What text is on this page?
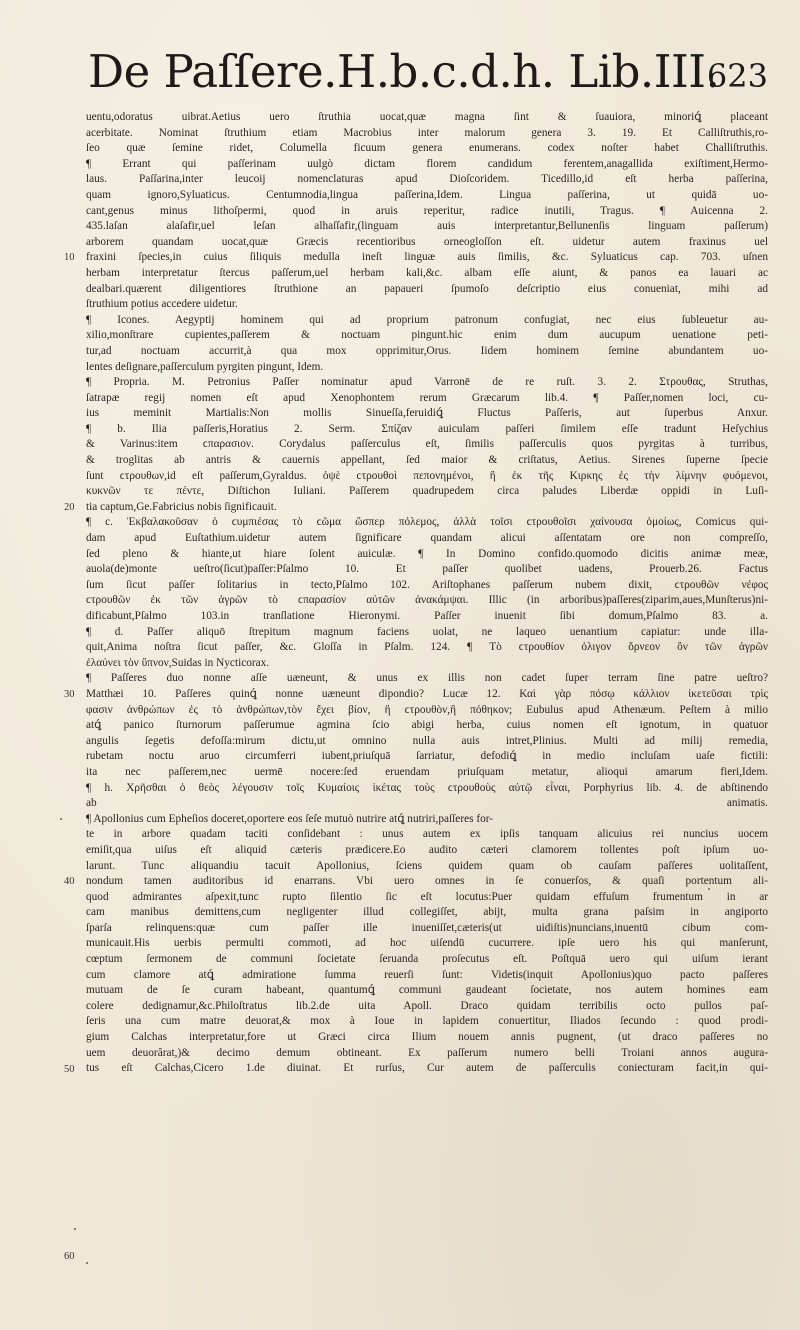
De Paſſere.H.b.c.d.h. Lib.III.
623
10
20
30
40
50
60
uentu,odoratus uibrat.Aetius uero ſtruthia uocat,quæ magna ſint & ſuauiora, minoriꝗ́ placeant
acerbitate. Nominat ſtruthium etiam Macrobius inter malorum genera 3. 19. Et Calliſtruthis,ro-
ſeo quæ ſemine ridet, Columella ficuum genera enumerans. codex noſter habet Challiſtruthis.
¶ Errant qui paſſerinam uulgò dictam florem candidum ferentem,anagallida exiſtiment,Hermo-
laus. Paſſarina,inter leucoij nomenclaturas apud Dioſcoridem. Ticedillo,id eſt herba paſſerina,
quam ignoro,Syluaticus. Centumnodia,lingua paſſerina,Idem. Lingua paſſerina, ut quidā uo-
cant,genus minus lithoſpermi, quod in aruis reperitur, radice inutili, Tragus. ¶ Auicenna 2.
435.laſan alaſafir,uel leſan alhaſſafir,(linguam auis interpretantur,Bellunenſis linguam paſſerum)
arborem quandam uocat,quæ Græcis recentioribus orneogloſſon eſt. uidetur autem fraxinus uel
fraxini ſpecies,in cuius ſiliquis medulla ineſt linguæ auis ſimilis, &c. Syluaticus cap. 703. uſnen
herbam interpretatur ſtercus paſſerum,uel herbam kali,&c. albam eſſe aiunt, & panos ea lauari ac
dealbari.quærent diligentiores ſtruthione an papaueri ſpumoſo deſcriptio eius conueniat, mihi ad
ſtruthium potius accedere uidetur.
¶ Icones. Aegyptij hominem qui ad proprium patronum confugiat, nec eius ſubleuetur au-
xilio,monſtrare cupientes,paſſerem & noctuam pingunt.hic enim dum aucupum uenatione peti-
tur,ad noctuam accurrit,à qua mox opprimitur,Orus. Iidem hominem ſemine abundantem uo-
lentes deſignare,paſſerculum pyrgiten pingunt, Idem.
¶ Propria. M. Petronius Paſſer nominatur apud Varronē de re ruſt. 3. 2. Στρουθας, Struthas,
ſatrapæ regij nomen eſt apud Xenophontem rerum Græcarum lib.4. ¶ Paſſer,nomen loci, cu-
ius meminit Martialis:Non mollis Sinueſſa,feruidiꝗ́ Fluctus Paſſeris, aut ſuperbus Anxur.
¶ b. Ilia paſſeris,Horatius 2. Serm. Σπίζαν auiculam paſſeri ſimilem eſſe tradunt Heſychius
& Varinus:item ϲπαρασιον. Corydalus paſſerculus eſt, ſimilis paſſerculis quos pyrgitas à turribus,
& troglitas ab antris & cauernis appellant, ſed maior & criſtatus, Aetius. Sirenes ſuperne ſpecie
ſunt ϲτρουθων,id eſt paſſerum,Gyraldus. ὀψὲ ϲτρουθοὶ πεπονημένοι, ἢ ἐκ τῆς Κιρκης ἐς τὴν λίμνην φυόμενοι,
κυκνῶν τε πέντε, Diſtichon Iuliani. Paſſerem quadrupedem circa paludes Liberdæ oppidi in Luſi-
tia captum,Ge.Fabricius nobis ſignificauit.
¶ c. Ἐκβαλακοῦσαν ὁ ϲυμπιέσας τὸ ϲῶμα ὥσπερ πόλεμος, ἀλλὰ τοῖσι ϲτρουθοῖσι χαίνουσα ὁμοίως, Comicus qui-
dam apud Euſtathium.uidetur autem ſignificare quandam alicui aſſentatam ore non compreſſo,
ſed pleno & hiante,ut hiare ſolent auiculæ. ¶ In Domino confido.quomodo dicitis animæ meæ,
auola(de)monte ueſtro(ſicut)paſſer:Pſalmo 10. Et paſſer quolibet uadens, Prouerb.26. Factus
ſum ſicut paſſer ſolitarius in tecto,Pſalmo 102. Ariſtophanes paſſerum nubem dixit, ϲτρουθῶν νέφος
ϲτρουθῶν ἐκ τῶν ἀγρῶν τὸ ϲπαρασίον αὐτῶν ἀνακάμψαι. Illic (in arboribus)paſſeres(ziparim,aues,Munſterus)ni-
dificabunt,Pſalmo 103.in tranſlatione Hieronymi. Paſſer inuenit ſibi domum,Pſalmo 83. a.
¶ d. Paſſer aliquō ſtrepitum magnum faciens uolat, ne laqueo uenantium capiatur: unde illa-
quit,Anima noſtra ſicut paſſer, &c. Gloſſa in Pſalm. 124. ¶ Τὸ ϲτρουθίον ὀλιγον ὅρνεον ὃν τῶν ἀγρῶν
ἐλαύνει τὸν ὕπνον,Suidas in Nycticorax.
¶ Paſſeres duo nonne aſſe uæneunt, & unus ex illis non cadet ſuper terram ſine patre ueſtro?
Matthæi 10. Paſſeres quinꝗ́ nonne uæneunt dipondio? Lucæ 12. Καὶ γὰρ πόσῳ κάλλιον ἱκετεῦσαι τρὶς
φασιν ἀνθρώπων ἐς τὸ ἀνθρώπων,τὸν ἔχει βίον, ἢ ϲτρουθὸν,ἢ πόθηκον; Eubulus apud Athenæum. Peſtem à milio
atꝗ́ panico ſturnorum paſſerumue agmina ſcio abigi herba, cuius nomen eſt ignotum, in quatuor
angulis ſegetis defoſſa:mirum dictu,ut omnino nulla auis intret,Plinius. Multi ad milij remedia,
rubetam noctu aruo circumferri iubent,priuſquā ſarriatur, defodiꝗ́ in medio incluſam uaſe fictili:
ita nec paſſerem,nec uermē nocere:ſed eruendam priuſquam metatur, alioqui amarum fieri,Idem.
¶ h. Χρῆσθαι ὁ θεὸς λέγουσιν τοῖς Κυμαίοις ἱκέτας τοὺς ϲτρουθοὺς αὐτῷ εἶναι, Porphyrius lib. 4. de abſtinendo
ab animatis.
¶ Apollonius cum Epheſios doceret,oportere eos ſeſe mutuò nutrire atꝗ́ nutriri,paſſeres for-
te in arbore quadam taciti conſidebant : unus autem ex ipſis tanquam alicuius rei nuncius uocem
emiſit,qua uiſus eſt aliquid cæteris prædicere.Eo audito cæteri clamorem tollentes poſt ipſum uo-
larunt. Tunc aliquandiu tacuit Apollonius, ſciens quidem quam ob cauſam paſſeres uolitaſſent,
nondum tamen auditoribus id enarrans. Vbi uero omnes in ſe conuerſos, & quaſi portentum ali-
quod admirantes aſpexit,tunc rupto ſilentio ſic eſt locutus:Puer quidam effuſum frumentum in ar
cam manibus demittens,cum negligenter illud collegiſſet, abijt, multa grana paſsim in angiporto
ſparſa relinquens:quæ cum paſſer ille inueniſſet,cæteris(ut uidiſtis)nuncians,inuentū cibum com-
municauit.His uerbis permulti commoti, ad hoc uiſendū cucurrere. ipſe uero his qui manſerunt,
cœptum ſermonem de communi ſocietate ſeruanda proſecutus eſt. Poſtquā uero qui uiſum ierant
cum clamore atꝗ́ admiratione ſumma reuerſi ſunt: Videtis(inquit Apollonius)quo pacto paſſeres
mutuam de ſe curam habeant, quantumꝗ́ communi gaudeant ſocietate, nos autem homines eam
colere dedignamur,&c.Philoſtratus lib.2.de uita Apoll. Draco quidam terribilis octo pullos paſ-
ſeris una cum matre deuorat,& mox à Ioue in lapidem conuertitur, Iliados ſecundo : quod prodi-
gium Calchas interpretatur,fore ut Græci circa Ilium nouem annis pugnent, (ut draco paſſeres no
uem deuorârat,)& decimo demum obtineant. Ex paſſerum numero belli Troiani annos augura-
tus eſt Calchas,Cicero 1.de diuinat. Et rurſus, Cur autem de paſſerculis coniecturam facit,in qui-
